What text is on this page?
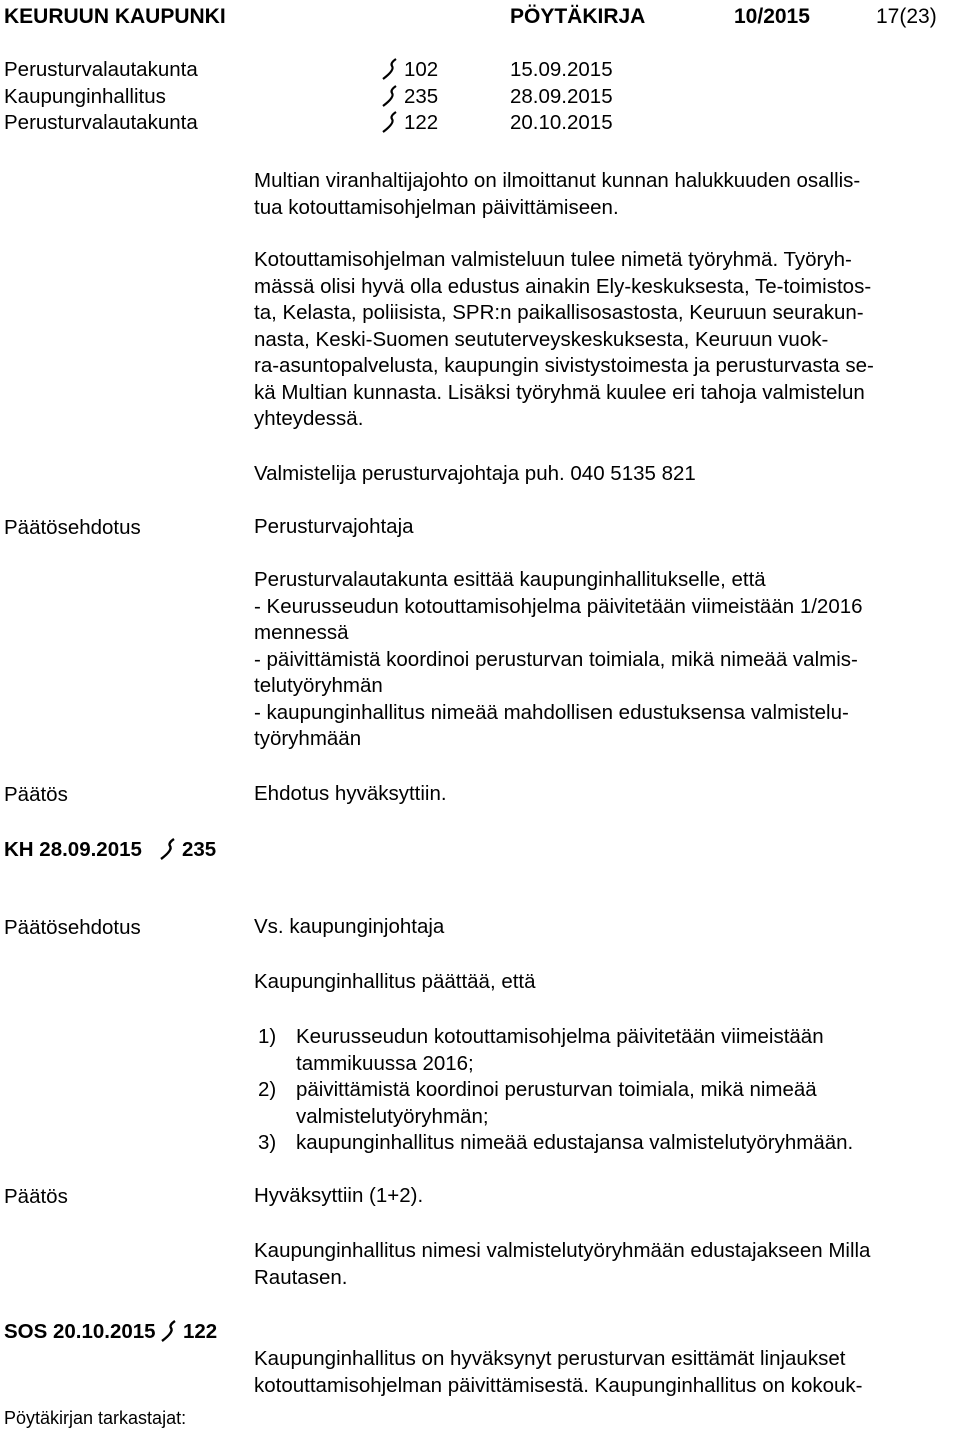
KEURUUN KAUPUNKI	PÖYTÄKIRJA	10/2015	17(23)
Perusturvalautakunta	102	15.09.2015
Kaupunginhallitus	235	28.09.2015
Perusturvalautakunta	122	20.10.2015
Multian viranhaltijajohto on ilmoittanut kunnan halukkuuden osallis-
tua kotouttamisohjelman päivittämiseen.
Kotouttamisohjelman valmisteluun tulee nimetä työryhmä. Työryh-
mässä olisi hyvä olla edustus ainakin Ely-keskuksesta, Te-toimistos-
ta, Kelasta, poliisista, SPR:n paikallisosastosta, Keuruun seurakun-
nasta, Keski-Suomen seututerveyskeskuksesta, Keuruun vuok-
ra-asuntopalvelusta, kaupungin sivistystoimesta ja perusturvasta se-
kä Multian kunnasta. Lisäksi työryhmä kuulee eri tahoja valmistelun
yhteydessä.
Valmistelija perusturvajohtaja puh. 040 5135 821
Päätösehdotus	Perusturvajohtaja
Perusturvalautakunta esittää kaupunginhallitukselle, että
- Keurusseudun kotouttamisohjelma päivitetään viimeistään 1/2016
mennessä
- päivittämistä koordinoi perusturvan toimiala, mikä nimeää valmis-
telutyöryhmän
- kaupunginhallitus nimeää mahdollisen edustuksensa valmistelu-
työryhmään
Päätös	Ehdotus hyväksyttiin.
KH 28.09.2015 235
Päätösehdotus	Vs. kaupunginjohtaja
Kaupunginhallitus päättää, että
1) Keurusseudun kotouttamisohjelma päivitetään viimeistään
tammikuussa 2016;
2) päivittämistä koordinoi perusturvan toimiala, mikä nimeää
valmistelutyöryhmän;
3) kaupunginhallitus nimeää edustajansa valmistelutyöryhmään.
Päätös	Hyväksyttiin (1+2).
Kaupunginhallitus nimesi valmistelutyöryhmään edustajakseen Milla
Rautasen.
SOS 20.10.2015 122
Kaupunginhallitus on hyväksynyt perusturvan esittämät linjaukset
kotouttamisohjelman päivittämisestä. Kaupunginhallitus on kokouk-
Pöytäkirjan tarkastajat:
